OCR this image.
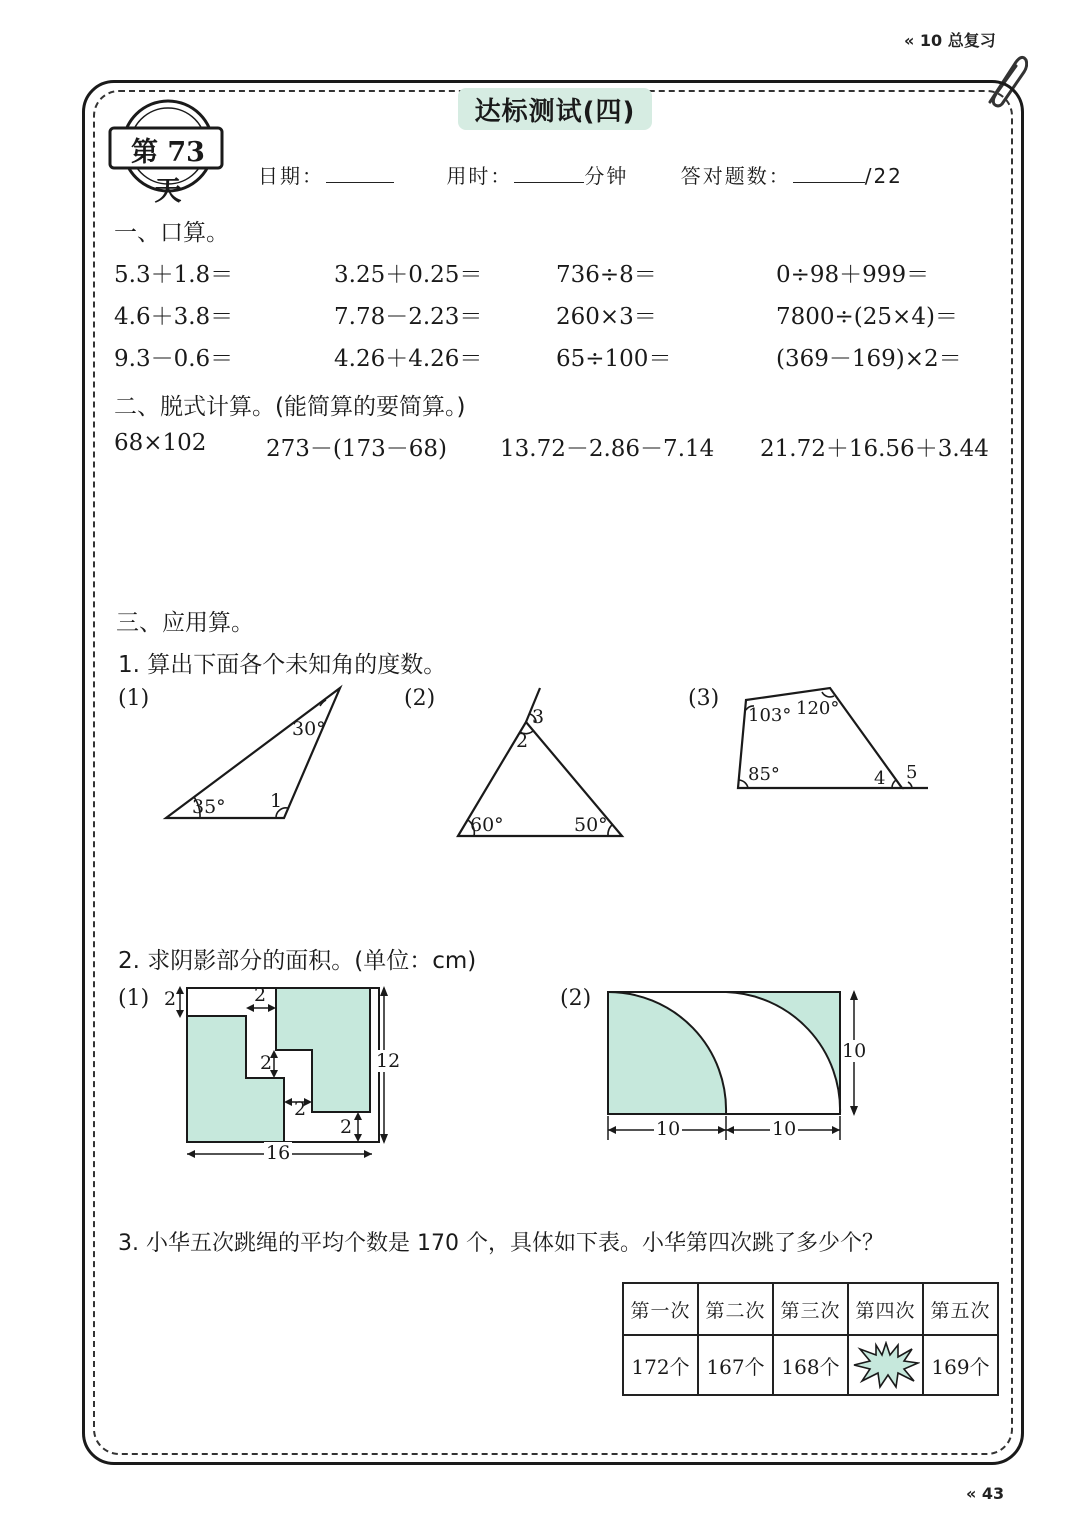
« 10 总复习
达标测试(四)
第 73 天	日期：	用时：	分钟	答对题数：	/22
一、口算。
5.3＋1.8＝	3.25＋0.25＝	736÷8＝	0÷98＋999＝
4.6＋3.8＝	7.78－2.23＝	260×3＝	7800÷(25×4)＝
9.3－0.6＝	4.26＋4.26＝	65÷100＝	(369－169)×2＝
二、脱式计算。(能简算的要简算。)
68×102	273－(173－68) 13.72－2.86－7.14 21.72＋16.56＋3.44
三、应用算。
1. 算出下面各个未知角的度数。
(1)
30°
35° 1
(2)
3
2
60°	50°
(3)
103° 120°
85°	4 5
2. 求阴影部分的面积。(单位：cm)
(1) 2	2
2
2
2
12
16
(2)
10
10	10
3. 小华五次跳绳的平均个数是 170 个，具体如下表。小华第四次跳了多少个？
第一次	第二次	第三次	第四次	第五次
172个	167个	168个		169个
« 43
